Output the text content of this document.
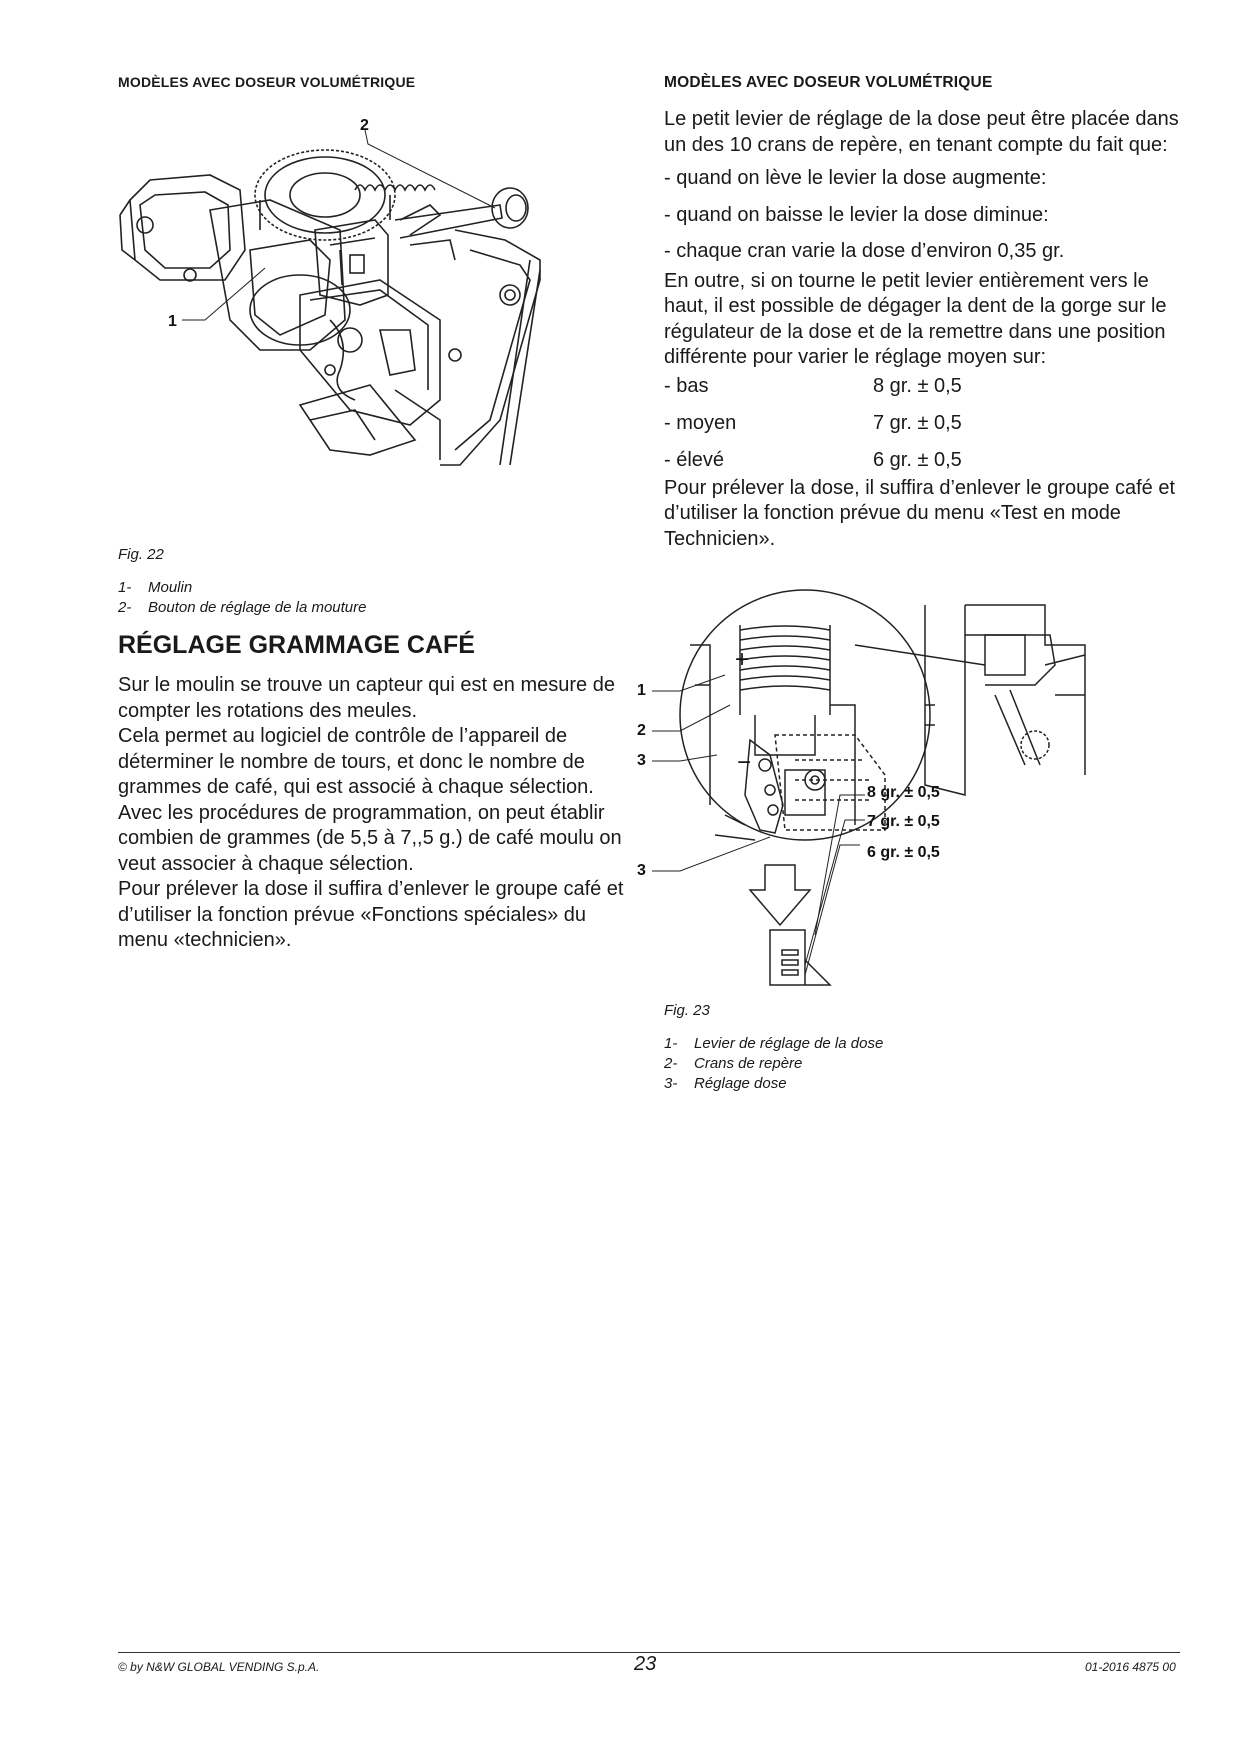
MODÈLES AVEC DOSEUR VOLUMÉTRIQUE
2
1
Fig. 22
1-	Moulin
2-	Bouton de réglage de la mouture
RÉGLAGE GRAMMAGE CAFÉ

Sur le moulin se trouve un capteur qui est en mesure de compter les rotations des meules.

Cela permet au logiciel de contrôle de l’appareil de déterminer le nombre de tours, et donc le nombre de grammes de café, qui est associé à chaque sélection.

Avec les procédures de programmation, on peut établir combien de grammes (de 5,5 à 7,,5 g.) de café moulu on veut associer à chaque sélection.

Pour prélever la dose il suffira d’enlever le groupe café et d’utiliser la fonction prévue «Fonctions spéciales» du menu «technicien».

MODÈLES AVEC DOSEUR VOLUMÉTRIQUE

Le petit levier de réglage de la dose peut être placée dans un des 10 crans de repère, en tenant compte du fait que:

- quand on lève le levier la dose augmente:

- quand on baisse le levier la dose diminue:

- chaque cran varie la dose d’environ 0,35 gr.

En outre, si on tourne le petit levier entièrement vers le haut, il est possible de dégager la dent de la gorge sur le régulateur de la dose et de la remettre dans une position différente pour varier le réglage moyen sur:

- bas	8 gr. ± 0,5
- moyen	7 gr. ± 0,5
- élevé	6 gr. ± 0,5

Pour prélever la dose, il suffira d’enlever le groupe café et d’utiliser la fonction prévue du menu «Test en mode Technicien».

1
2
3
3
+
−
8 gr. ± 0,5
7 gr. ± 0,5
6 gr. ± 0,5
Fig. 23
1-	Levier de réglage de la dose
2-	Crans de repère
3-	Réglage dose
© by N&W GLOBAL VENDING S.p.A.	23	01-2016 4875 00
